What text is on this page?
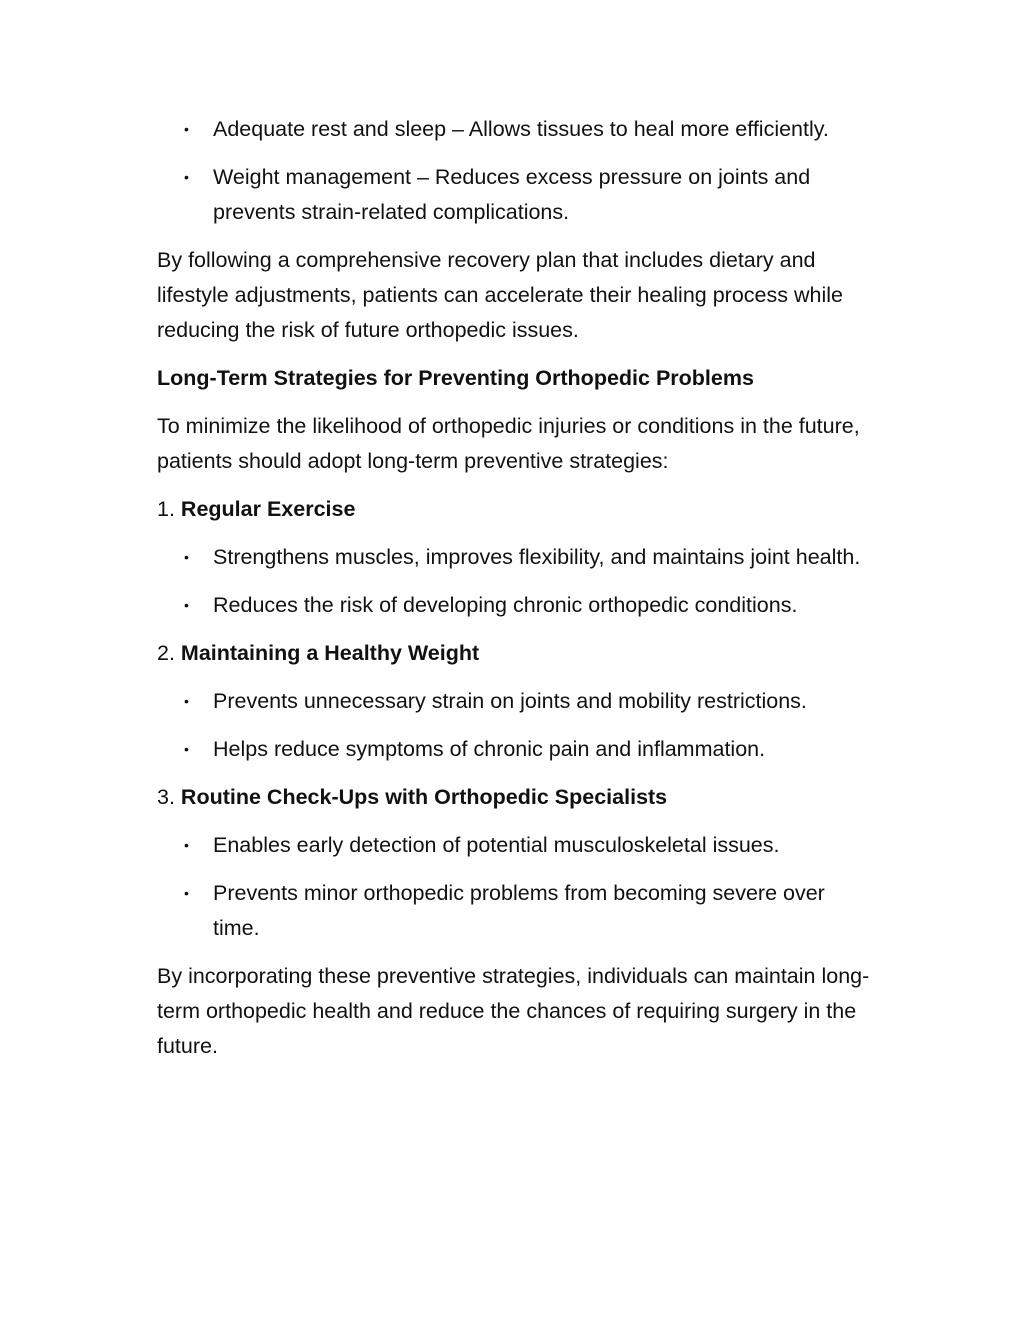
• Adequate rest and sleep – Allows tissues to heal more efficiently.
• Weight management – Reduces excess pressure on joints and prevents strain-related complications.

By following a comprehensive recovery plan that includes dietary and lifestyle adjustments, patients can accelerate their healing process while reducing the risk of future orthopedic issues.

Long-Term Strategies for Preventing Orthopedic Problems

To minimize the likelihood of orthopedic injuries or conditions in the future, patients should adopt long-term preventive strategies:

1. Regular Exercise

• Strengthens muscles, improves flexibility, and maintains joint health.
• Reduces the risk of developing chronic orthopedic conditions.

2. Maintaining a Healthy Weight

• Prevents unnecessary strain on joints and mobility restrictions.
• Helps reduce symptoms of chronic pain and inflammation.

3. Routine Check-Ups with Orthopedic Specialists

• Enables early detection of potential musculoskeletal issues.
• Prevents minor orthopedic problems from becoming severe over time.

By incorporating these preventive strategies, individuals can maintain long-term orthopedic health and reduce the chances of requiring surgery in the future.
